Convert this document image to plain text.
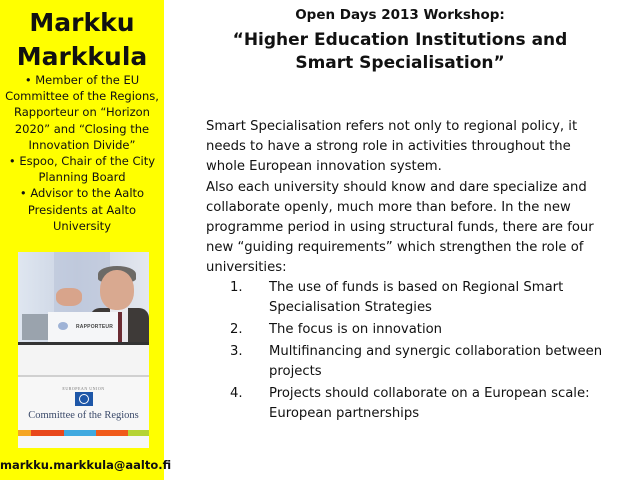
Markku
Markkula

• Member of the EU Committee of the Regions, Rapporteur on “Horizon 2020” and “Closing the Innovation Divide”

• Espoo, Chair of the City Planning Board

• Advisor to the Aalto Presidents at Aalto University

RAPPORTEUR
EUROPEAN UNION
Committee of the Regions
markku.markkula@aalto.fi
Open Days 2013 Workshop:
“Higher Education Institutions and
Smart Specialisation”

Smart Specialisation refers not only to regional policy, it needs to have a strong role in activities throughout the whole European innovation system.

Also each university should know and dare specialize and collaborate openly, much more than before. In the new programme period in using structural funds, there are four new “guiding requirements” which strengthen the role of universities:

1. The use of funds is based on Regional Smart Specialisation Strategies
2. The focus is on innovation
3. Multifinancing and synergic collaboration between projects
4. Projects should collaborate on a European scale: European partnerships
